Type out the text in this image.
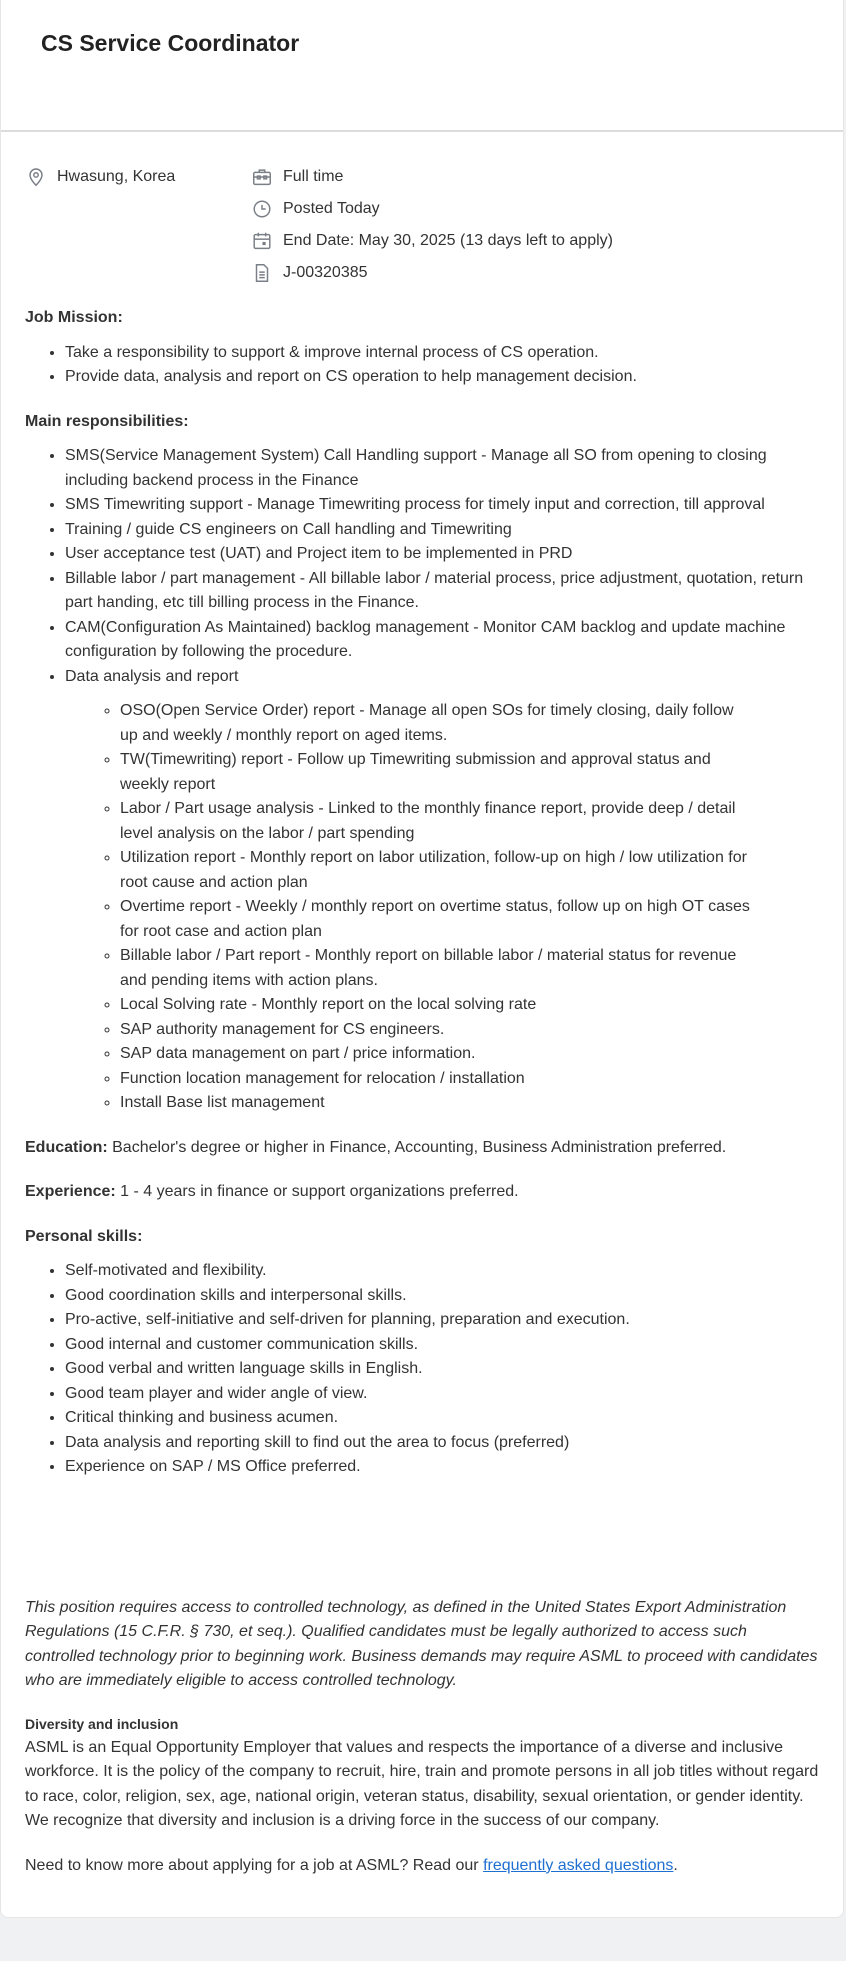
CS Service Coordinator
Hwasung, Korea	Full time
Posted Today
End Date: May 30, 2025 (13 days left to apply)
J-00320385

Job Mission:

• Take a responsibility to support & improve internal process of CS operation.
• Provide data, analysis and report on CS operation to help management decision.

Main responsibilities:

• SMS(Service Management System) Call Handling support - Manage all SO from opening to closing including backend process in the Finance
• SMS Timewriting support - Manage Timewriting process for timely input and correction, till approval
• Training / guide CS engineers on Call handling and Timewriting
• User acceptance test (UAT) and Project item to be implemented in PRD
• Billable labor / part management - All billable labor / material process, price adjustment, quotation, return part handing, etc till billing process in the Finance.
• CAM(Configuration As Maintained) backlog management - Monitor CAM backlog and update machine configuration by following the procedure.
• Data analysis and report
◦ OSO(Open Service Order) report - Manage all open SOs for timely closing, daily follow up and weekly / monthly report on aged items.
◦ TW(Timewriting) report - Follow up Timewriting submission and approval status and weekly report
◦ Labor / Part usage analysis - Linked to the monthly finance report, provide deep / detail level analysis on the labor / part spending
◦ Utilization report - Monthly report on labor utilization, follow-up on high / low utilization for root cause and action plan
◦ Overtime report - Weekly / monthly report on overtime status, follow up on high OT cases for root case and action plan
◦ Billable labor / Part report - Monthly report on billable labor / material status for revenue and pending items with action plans.
◦ Local Solving rate - Monthly report on the local solving rate
◦ SAP authority management for CS engineers.
◦ SAP data management on part / price information.
◦ Function location management for relocation / installation
◦ Install Base list management

Education: Bachelor's degree or higher in Finance, Accounting, Business Administration preferred.

Experience: 1 - 4 years in finance or support organizations preferred.

Personal skills:

• Self-motivated and flexibility.
• Good coordination skills and interpersonal skills.
• Pro-active, self-initiative and self-driven for planning, preparation and execution.
• Good internal and customer communication skills.
• Good verbal and written language skills in English.
• Good team player and wider angle of view.
• Critical thinking and business acumen.
• Data analysis and reporting skill to find out the area to focus (preferred)
• Experience on SAP / MS Office preferred.

This position requires access to controlled technology, as defined in the United States Export Administration Regulations (15 C.F.R. § 730, et seq.). Qualified candidates must be legally authorized to access such controlled technology prior to beginning work. Business demands may require ASML to proceed with candidates who are immediately eligible to access controlled technology.

Diversity and inclusion

ASML is an Equal Opportunity Employer that values and respects the importance of a diverse and inclusive workforce. It is the policy of the company to recruit, hire, train and promote persons in all job titles without regard to race, color, religion, sex, age, national origin, veteran status, disability, sexual orientation, or gender identity. We recognize that diversity and inclusion is a driving force in the success of our company.

Need to know more about applying for a job at ASML? Read our frequently asked questions.
